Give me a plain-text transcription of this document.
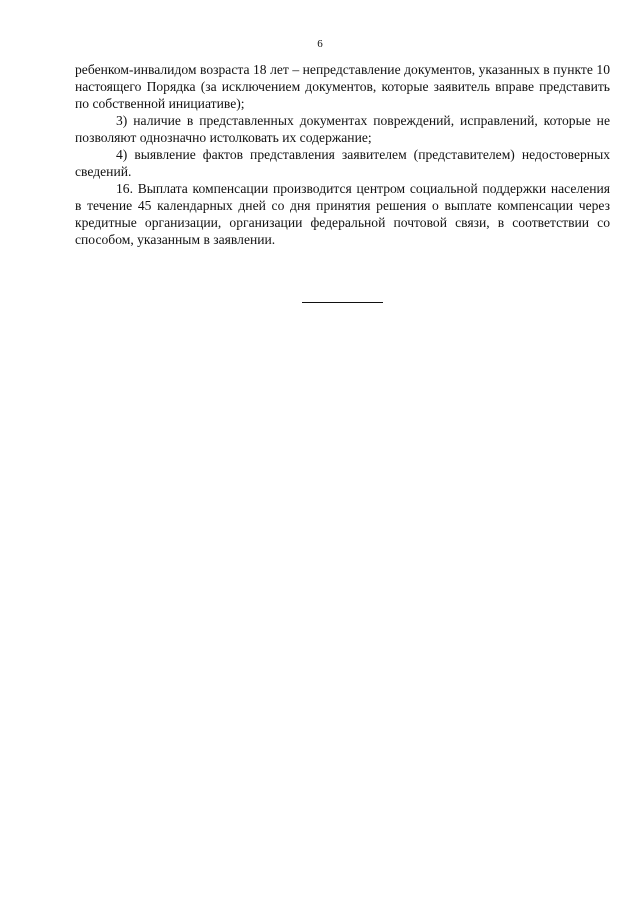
6

ребенком-инвалидом возраста 18 лет – непредставление документов, указанных в пункте 10 настоящего Порядка (за исключением документов, которые заявитель вправе представить по собственной инициативе);

3) наличие в представленных документах повреждений, исправлений, которые не позволяют однозначно истолковать их содержание;

4) выявление фактов представления заявителем (представителем) недостоверных сведений.

16. Выплата компенсации производится центром социальной поддержки населения в течение 45 календарных дней со дня принятия решения о выплате компенсации через кредитные организации, организации федеральной почтовой связи, в соответствии со способом, указанным в заявлении.
